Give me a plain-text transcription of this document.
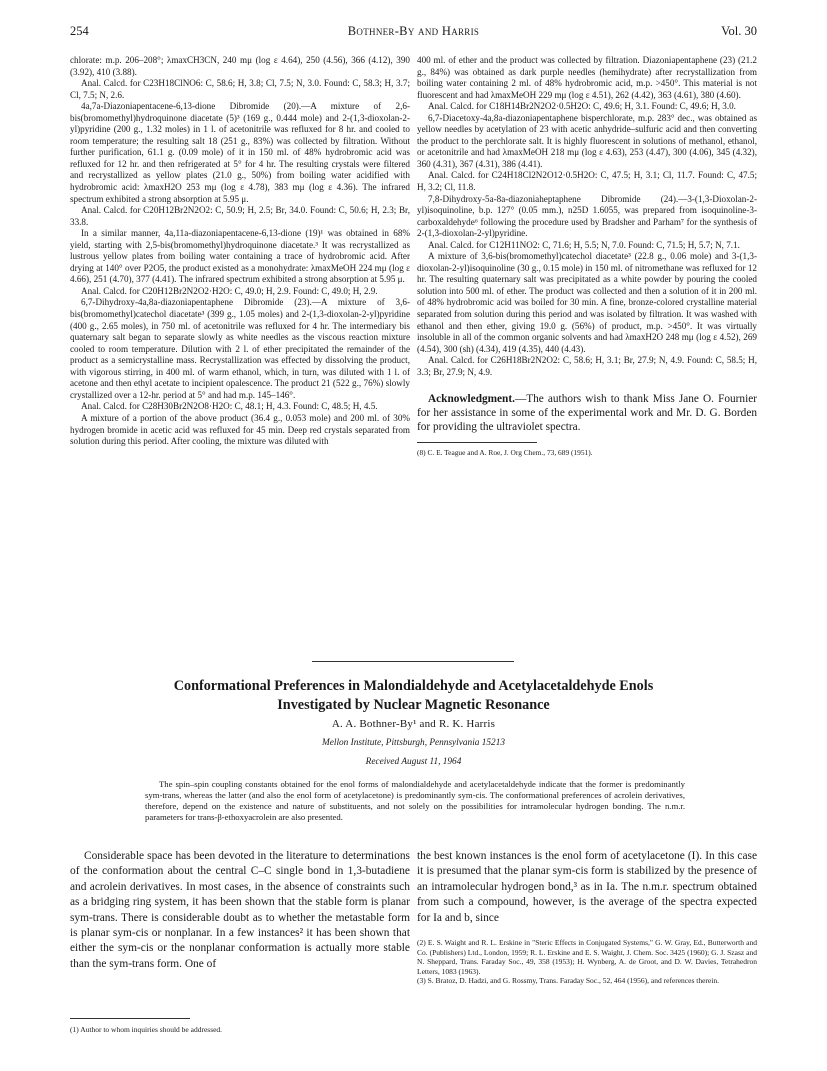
254	Bothner-By and Harris	Vol. 30

chlorate: m.p. 206–208°; λmaxCH3CN, 240 mμ (log ε 4.64), 250 (4.56), 366 (4.12), 390 (3.92), 410 (3.88).

Anal. Calcd. for C23H18ClNO6: C, 58.6; H, 3.8; Cl, 7.5; N, 3.0. Found: C, 58.3; H, 3.7; Cl, 7.5; N, 2.6.

4a,7a-Diazoniapentacene-6,13-dione Dibromide (20).—A mixture of 2,6-bis(bromomethyl)hydroquinone diacetate (5)³ (169 g., 0.444 mole) and 2-(1,3-dioxolan-2-yl)pyridine (200 g., 1.32 moles) in 1 l. of acetonitrile was refluxed for 8 hr. and cooled to room temperature; the resulting salt 18 (251 g., 83%) was collected by filtration. Without further purification, 61.1 g. (0.09 mole) of it in 150 ml. of 48% hydrobromic acid was refluxed for 12 hr. and then refrigerated at 5° for 4 hr. The resulting crystals were filtered and recrystallized as yellow plates (21.0 g., 50%) from boiling water acidified with hydrobromic acid: λmaxH2O 253 mμ (log ε 4.78), 383 mμ (log ε 4.36). The infrared spectrum exhibited a strong absorption at 5.95 μ.

Anal. Calcd. for C20H12Br2N2O2: C, 50.9; H, 2.5; Br, 34.0. Found: C, 50.6; H, 2.3; Br, 33.8.

In a similar manner, 4a,11a-diazoniapentacene-6,13-dione (19)¹ was obtained in 68% yield, starting with 2,5-bis(bromomethyl)hydroquinone diacetate.³ It was recrystallized as lustrous yellow plates from boiling water containing a trace of hydrobromic acid. After drying at 140° over P2O5, the product existed as a monohydrate: λmaxMeOH 224 mμ (log ε 4.66), 251 (4.70), 377 (4.41). The infrared spectrum exhibited a strong absorption at 5.95 μ.

Anal. Calcd. for C20H12Br2N2O2·H2O: C, 49.0; H, 2.9. Found: C, 49.0; H, 2.9.

6,7-Dihydroxy-4a,8a-diazoniapentaphene Dibromide (23).—A mixture of 3,6-bis(bromomethyl)catechol diacetate³ (399 g., 1.05 moles) and 2-(1,3-dioxolan-2-yl)pyridine (400 g., 2.65 moles), in 750 ml. of acetonitrile was refluxed for 4 hr. The intermediary bis quaternary salt began to separate slowly as white needles as the viscous reaction mixture cooled to room temperature. Dilution with 2 l. of ether precipitated the remainder of the product as a semicrystalline mass. Recrystallization was effected by dissolving the product, with vigorous stirring, in 400 ml. of warm ethanol, which, in turn, was diluted with 1 l. of acetone and then ethyl acetate to incipient opalescence. The product 21 (522 g., 76%) slowly crystallized over a 12-hr. period at 5° and had m.p. 145–146°.

Anal. Calcd. for C28H30Br2N2O8·H2O: C, 48.1; H, 4.3. Found: C, 48.5; H, 4.5.

A mixture of a portion of the above product (36.4 g., 0.053 mole) and 200 ml. of 30% hydrogen bromide in acetic acid was refluxed for 45 min. Deep red crystals separated from solution during this period. After cooling, the mixture was diluted with

400 ml. of ether and the product was collected by filtration. Diazoniapentaphene (23) (21.2 g., 84%) was obtained as dark purple needles (hemihydrate) after recrystallization from boiling water containing 2 ml. of 48% hydrobromic acid, m.p. >450°. This material is not fluorescent and had λmaxMeOH 229 mμ (log ε 4.51), 262 (4.42), 363 (4.61), 380 (4.60).

Anal. Calcd. for C18H14Br2N2O2·0.5H2O: C, 49.6; H, 3.1. Found: C, 49.6; H, 3.0.

6,7-Diacetoxy-4a,8a-diazoniapentaphene bisperchlorate, m.p. 283° dec., was obtained as yellow needles by acetylation of 23 with acetic anhydride–sulfuric acid and then converting the product to the perchlorate salt. It is highly fluorescent in solutions of methanol, ethanol, or acetonitrile and had λmaxMeOH 218 mμ (log ε 4.63), 253 (4.47), 300 (4.06), 345 (4.32), 360 (4.31), 367 (4.31), 386 (4.41).

Anal. Calcd. for C24H18Cl2N2O12·0.5H2O: C, 47.5; H, 3.1; Cl, 11.7. Found: C, 47.5; H, 3.2; Cl, 11.8.

7,8-Dihydroxy-5a-8a-diazoniaheptaphene Dibromide (24).—3-(1,3-Dioxolan-2-yl)isoquinoline, b.p. 127° (0.05 mm.), n25D 1.6055, was prepared from isoquinoline-3-carboxaldehyde⁶ following the procedure used by Bradsher and Parham⁷ for the synthesis of 2-(1,3-dioxolan-2-yl)pyridine.

Anal. Calcd. for C12H11NO2: C, 71.6; H, 5.5; N, 7.0. Found: C, 71.5; H, 5.7; N, 7.1.

A mixture of 3,6-bis(bromomethyl)catechol diacetate³ (22.8 g., 0.06 mole) and 3-(1,3-dioxolan-2-yl)isoquinoline (30 g., 0.15 mole) in 150 ml. of nitromethane was refluxed for 12 hr. The resulting quaternary salt was precipitated as a white powder by pouring the cooled solution into 500 ml. of ether. The product was collected and then a solution of it in 200 ml. of 48% hydrobromic acid was boiled for 30 min. A fine, bronze-colored crystalline material separated from solution during this period and was isolated by filtration. It was washed with ethanol and then ether, giving 19.0 g. (56%) of product, m.p. >450°. It was virtually insoluble in all of the common organic solvents and had λmaxH2O 248 mμ (log ε 4.52), 269 (4.54), 300 (sh) (4.34), 419 (4.35), 440 (4.43).

Anal. Calcd. for C26H18Br2N2O2: C, 58.6; H, 3.1; Br, 27.9; N, 4.9. Found: C, 58.5; H, 3.3; Br, 27.9; N, 4.9.

Acknowledgment.—The authors wish to thank Miss Jane O. Fournier for her assistance in some of the experimental work and Mr. D. G. Borden for providing the ultraviolet spectra.

(8) C. E. Teague and A. Roe, J. Org Chem., 73, 689 (1951).

Conformational Preferences in Malondialdehyde and Acetylacetaldehyde Enols
Investigated by Nuclear Magnetic Resonance
A. A. Bothner-By¹ and R. K. Harris
Mellon Institute, Pittsburgh, Pennsylvania 15213
Received August 11, 1964
The spin–spin coupling constants obtained for the enol forms of malondialdehyde and acetylacetaldehyde indicate that the former is predominantly sym-trans, whereas the latter (and also the enol form of acetylacetone) is predominantly sym-cis. The conformational preferences of acrolein derivatives, therefore, depend on the existence and nature of substituents, and not solely on the possibilities for intramolecular hydrogen bonding. The n.m.r. parameters for trans-β-ethoxyacrolein are also presented.

Considerable space has been devoted in the literature to determinations of the conformation about the central C–C single bond in 1,3-butadiene and acrolein derivatives. In most cases, in the absence of constraints such as a bridging ring system, it has been shown that the stable form is planar sym-trans. There is considerable doubt as to whether the metastable form is planar sym-cis or nonplanar. In a few instances² it has been shown that either the sym-cis or the nonplanar conformation is actually more stable than the sym-trans form. One of

the best known instances is the enol form of acetylacetone (I). In this case it is presumed that the planar sym-cis form is stabilized by the presence of an intramolecular hydrogen bond,³ as in Ia. The n.m.r. spectrum obtained from such a compound, however, is the average of the spectra expected for Ia and b, since

(1) Author to whom inquiries should be addressed.

(2) E. S. Waight and R. L. Erskine in "Steric Effects in Conjugated Systems," G. W. Gray, Ed., Butterworth and Co. (Publishers) Ltd., London, 1959; R. L. Erskine and E. S. Waight, J. Chem. Soc. 3425 (1960); G. J. Szasz and N. Sheppard, Trans. Faraday Soc., 49, 358 (1953); H. Wynberg, A. de Groot, and D. W. Davies, Tetrahedron Letters, 1083 (1963).

(3) S. Bratoz, D. Hadzi, and G. Rossmy, Trans. Faraday Soc., 52, 464 (1956), and references therein.
